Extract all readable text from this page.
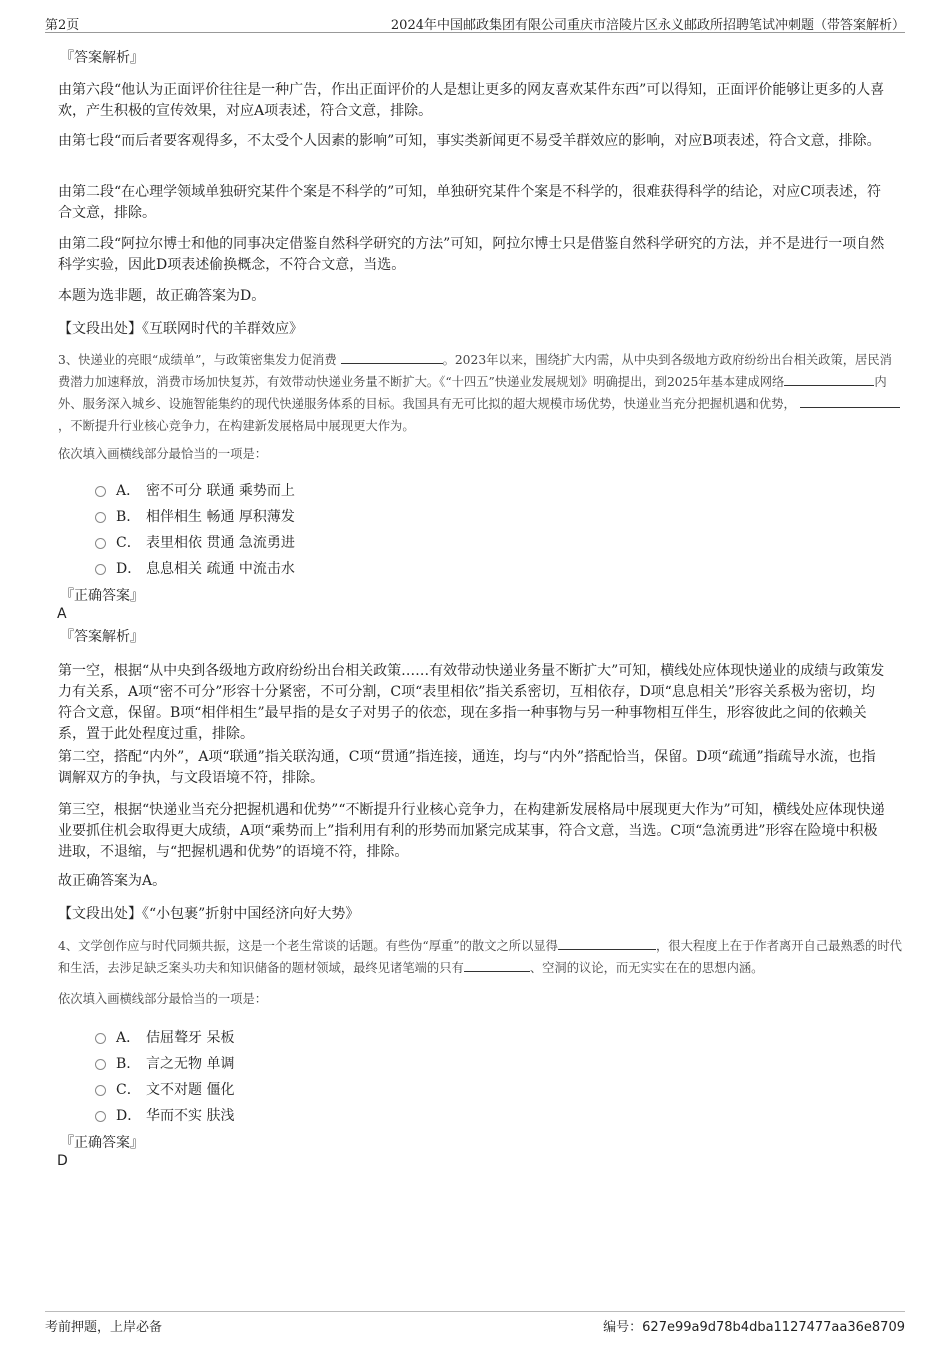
第2页	2024年中国邮政集团有限公司重庆市涪陵片区永义邮政所招聘笔试冲刺题（带答案解析）
『答案解析』
由第六段“他认为正面评价往往是一种广告，作出正面评价的人是想让更多的网友喜欢某件东西”可以得知，正面评价能够让更多的人喜欢，产生积极的宣传效果，对应A项表述，符合文意，排除。
由第七段“而后者要客观得多，不太受个人因素的影响”可知，事实类新闻更不易受羊群效应的影响，对应B项表述，符合文意，排除。
由第二段“在心理学领域单独研究某件个案是不科学的”可知，单独研究某件个案是不科学的，很难获得科学的结论，对应C项表述，符合文意，排除。
由第二段“阿拉尔博士和他的同事决定借鉴自然科学研究的方法”可知，阿拉尔博士只是借鉴自然科学研究的方法，并不是进行一项自然科学实验，因此D项表述偷换概念，不符合文意，当选。
本题为选非题，故正确答案为D。
【文段出处】《互联网时代的羊群效应》
3、快递业的亮眼“成绩单”，与政策密集发力促消费	。2023年以来，围绕扩大内需，从中央到各级地方政府纷纷出台相关政策，居民消费潜力加速释放，消费市场加快复苏，有效带动快递业务量不断扩大。《“十四五”快递业发展规划》明确提出，到2025年基本建成网络	内外、服务深入城乡、设施智能集约的现代快递服务体系的目标。我国具有无可比拟的超大规模市场优势，快递业当充分把握机遇和优势， ，不断提升行业核心竞争力，在构建新发展格局中展现更大作为。
依次填入画横线部分最恰当的一项是：
A． 密不可分 联通 乘势而上
B. 相伴相生 畅通 厚积薄发
C． 表里相依 贯通 急流勇进
D． 息息相关 疏通 中流击水
『正确答案』
A
『答案解析』
第一空，根据“从中央到各级地方政府纷纷出台相关政策……有效带动快递业务量不断扩大”可知，横线处应体现快递业的成绩与政策发力有关系，A项“密不可分”形容十分紧密，不可分割，C项“表里相依”指关系密切，互相依存，D项“息息相关”形容关系极为密切，均符合文意，保留。B项“相伴相生”最早指的是女子对男子的依恋，现在多指一种事物与另一种事物相互伴生，形容彼此之间的依赖关系，置于此处程度过重，排除。
第二空，搭配“内外”，A项“联通”指关联沟通，C项“贯通”指连接，通连，均与“内外”搭配恰当，保留。D项“疏通”指疏导水流，也指调解双方的争执，与文段语境不符，排除。
第三空，根据“快递业当充分把握机遇和优势”“不断提升行业核心竞争力，在构建新发展格局中展现更大作为”可知，横线处应体现快递业要抓住机会取得更大成绩，A项“乘势而上”指利用有利的形势而加紧完成某事，符合文意，当选。C项“急流勇进”形容在险境中积极进取，不退缩，与“把握机遇和优势”的语境不符，排除。
故正确答案为A。
【文段出处】《“小包裹”折射中国经济向好大势》
4、文学创作应与时代同频共振，这是一个老生常谈的话题。有些伪“厚重”的散文之所以显得	，很大程度上在于作者离开自己最熟悉的时代和生活，去涉足缺乏案头功夫和知识储备的题材领域，最终见诸笔端的只有	、空洞的议论，而无实实在在的思想内涵。
依次填入画横线部分最恰当的一项是：
A． 佶屈聱牙 呆板
B. 言之无物 单调
C． 文不对题 僵化
D． 华而不实 肤浅
『正确答案』
D
考前押题，上岸必备	编号：627e99a9d78b4dba1127477aa36e8709
